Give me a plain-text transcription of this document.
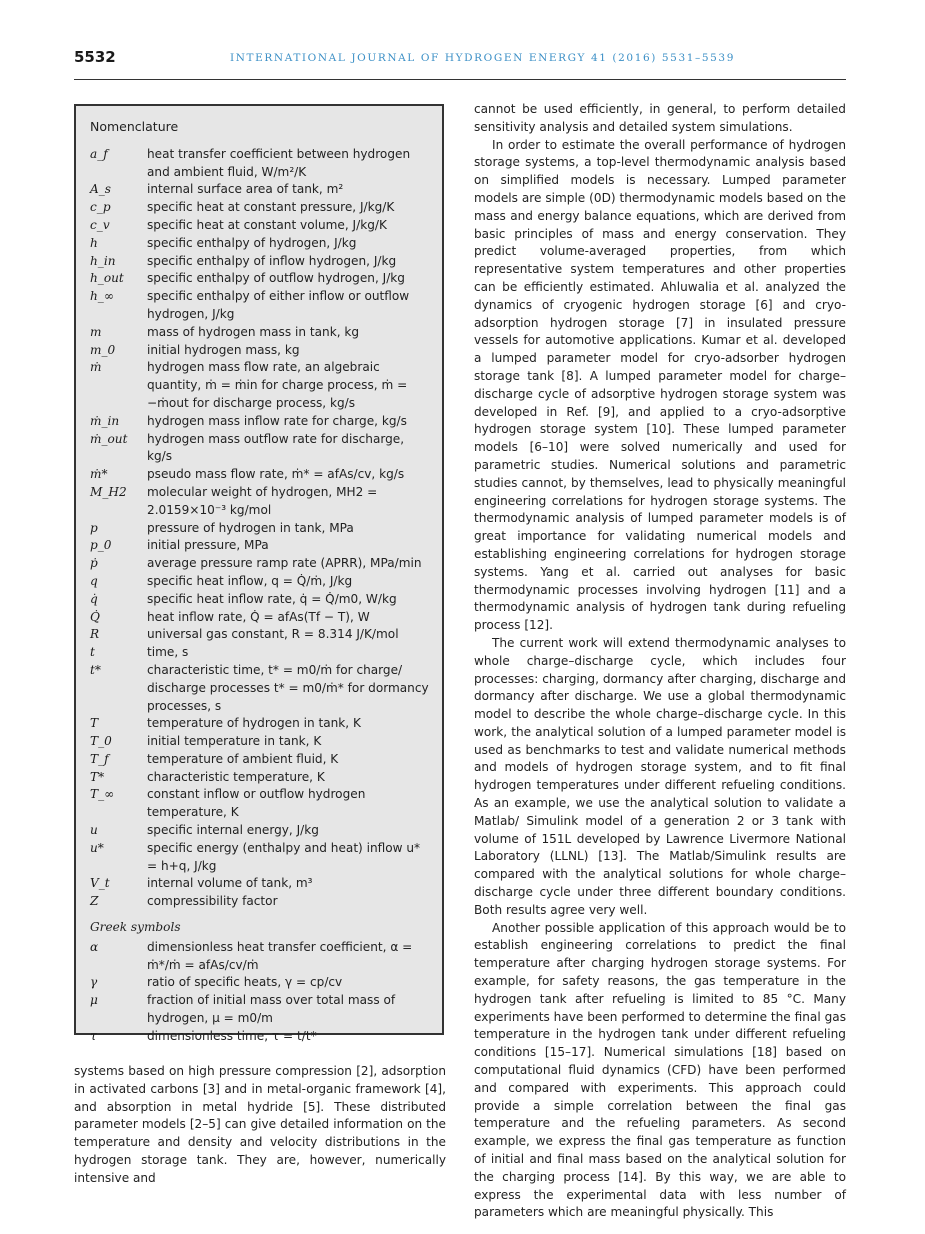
5532	INTERNATIONAL JOURNAL OF HYDROGEN ENERGY 41 (2016) 5531–5539
Nomenclature
a_f	heat transfer coefficient between hydrogen and ambient fluid, W/m²/K
A_s	internal surface area of tank, m²
c_p	specific heat at constant pressure, J/kg/K
c_v	specific heat at constant volume, J/kg/K
h	specific enthalpy of hydrogen, J/kg
h_in	specific enthalpy of inflow hydrogen, J/kg
h_out	specific enthalpy of outflow hydrogen, J/kg
h_∞	specific enthalpy of either inflow or outflow hydrogen, J/kg
m	mass of hydrogen mass in tank, kg
m_0	initial hydrogen mass, kg
ṁ	hydrogen mass flow rate, an algebraic quantity, ṁ = ṁin for charge process, ṁ = −ṁout for discharge process, kg/s
ṁ_in	hydrogen mass inflow rate for charge, kg/s
ṁ_out	hydrogen mass outflow rate for discharge, kg/s
ṁ*	pseudo mass flow rate, ṁ* = afAs/cv, kg/s
M_H2	molecular weight of hydrogen, MH2 = 2.0159×10⁻³ kg/mol
p	pressure of hydrogen in tank, MPa
p_0	initial pressure, MPa
ṗ	average pressure ramp rate (APRR), MPa/min
q	specific heat inflow, q = Q̇/ṁ, J/kg
q̇	specific heat inflow rate, q̇ = Q̇/m0, W/kg
Q̇	heat inflow rate, Q̇ = afAs(Tf − T), W
R	universal gas constant, R = 8.314 J/K/mol
t	time, s
t*	characteristic time, t* = m0/ṁ for charge/ discharge processes t* = m0/ṁ* for dormancy processes, s
T	temperature of hydrogen in tank, K
T_0	initial temperature in tank, K
T_f	temperature of ambient fluid, K
T*	characteristic temperature, K
T_∞	constant inflow or outflow hydrogen temperature, K
u	specific internal energy, J/kg
u*	specific energy (enthalpy and heat) inflow u* = h+q, J/kg
V_t	internal volume of tank, m³
Z	compressibility factor
Greek symbols
α	dimensionless heat transfer coefficient, α = ṁ*/ṁ = afAs/cv/ṁ
γ	ratio of specific heats, γ = cp/cv
μ	fraction of initial mass over total mass of hydrogen, μ = m0/m
τ	dimensionless time, τ = t/t*

cannot be used efficiently, in general, to perform detailed sensitivity analysis and detailed system simulations.

In order to estimate the overall performance of hydrogen storage systems, a top-level thermodynamic analysis based on simplified models is necessary. Lumped parameter models are simple (0D) thermodynamic models based on the mass and energy balance equations, which are derived from basic principles of mass and energy conservation. They predict volume-averaged properties, from which representative system temperatures and other properties can be efficiently estimated. Ahluwalia et al. analyzed the dynamics of cryogenic hydrogen storage [6] and cryo-adsorption hydrogen storage [7] in insulated pressure vessels for automotive applications. Kumar et al. developed a lumped parameter model for cryo-adsorber hydrogen storage tank [8]. A lumped parameter model for charge–discharge cycle of adsorptive hydrogen storage system was developed in Ref. [9], and applied to a cryo-adsorptive hydrogen storage system [10]. These lumped parameter models [6–10] were solved numerically and used for parametric studies. Numerical solutions and parametric studies cannot, by themselves, lead to physically meaningful engineering correlations for hydrogen storage systems. The thermodynamic analysis of lumped parameter models is of great importance for validating numerical models and establishing engineering correlations for hydrogen storage systems. Yang et al. carried out analyses for basic thermodynamic processes involving hydrogen [11] and a thermodynamic analysis of hydrogen tank during refueling process [12].

The current work will extend thermodynamic analyses to whole charge–discharge cycle, which includes four processes: charging, dormancy after charging, discharge and dormancy after discharge. We use a global thermodynamic model to describe the whole charge–discharge cycle. In this work, the analytical solution of a lumped parameter model is used as benchmarks to test and validate numerical methods and models of hydrogen storage system, and to fit final hydrogen temperatures under different refueling conditions. As an example, we use the analytical solution to validate a Matlab/ Simulink model of a generation 2 or 3 tank with volume of 151L developed by Lawrence Livermore National Laboratory (LLNL) [13]. The Matlab/Simulink results are compared with the analytical solutions for whole charge–discharge cycle under three different boundary conditions. Both results agree very well.

Another possible application of this approach would be to establish engineering correlations to predict the final temperature after charging hydrogen storage systems. For example, for safety reasons, the gas temperature in the hydrogen tank after refueling is limited to 85 °C. Many experiments have been performed to determine the final gas temperature in the hydrogen tank under different refueling conditions [15–17]. Numerical simulations [18] based on computational fluid dynamics (CFD) have been performed and compared with experiments. This approach could provide a simple correlation between the final gas temperature and the refueling parameters. As second example, we express the final gas temperature as function of initial and final mass based on the analytical solution for the charging process [14]. By this way, we are able to express the experimental data with less number of parameters which are meaningful physically. This

systems based on high pressure compression [2], adsorption in activated carbons [3] and in metal-organic framework [4], and absorption in metal hydride [5]. These distributed parameter models [2–5] can give detailed information on the temperature and density and velocity distributions in the hydrogen storage tank. They are, however, numerically intensive and
